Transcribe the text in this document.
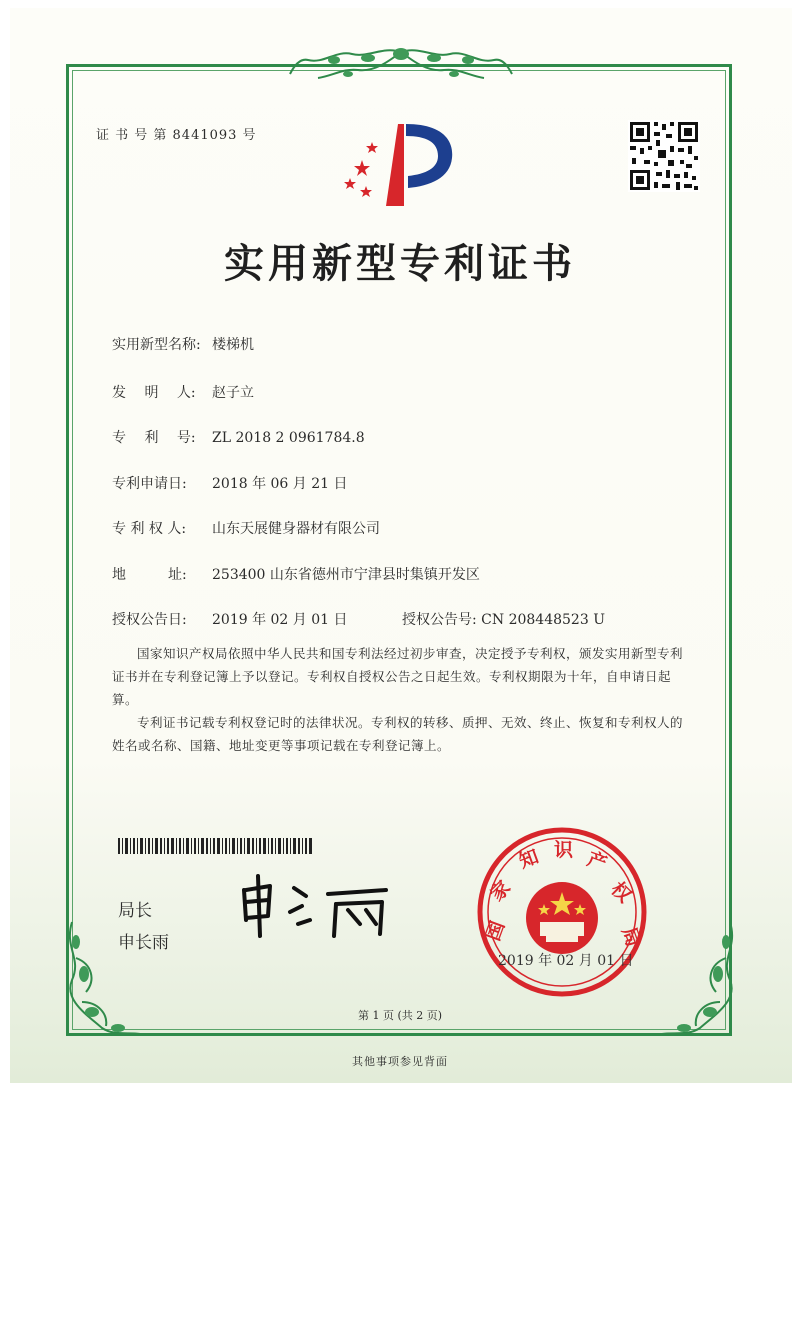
证 书 号 第 8441093 号
实用新型专利证书
实用新型名称: 楼梯机
发　 明　 人: 赵子立
专　 利　 号: ZL 2018 2 0961784.8
专利申请日: 2018 年 06 月 21 日
专 利 权 人: 山东天展健身器材有限公司
地　　　址: 253400 山东省德州市宁津县时集镇开发区
授权公告日: 2019 年 02 月 01 日	授权公告号: CN 208448523 U
国家知识产权局依照中华人民共和国专利法经过初步审查，决定授予专利权，颁发实用新型专利证书并在专利登记簿上予以登记。专利权自授权公告之日起生效。专利权期限为十年，自申请日起算。
专利证书记载专利权登记时的法律状况。专利权的转移、质押、无效、终止、恢复和专利权人的姓名或名称、国籍、地址变更等事项记载在专利登记簿上。
局长
申长雨	国
家
知 识 产
权
局
2019 年 02 月 01 日
第 1 页 (共 2 页)
其他事项参见背面
